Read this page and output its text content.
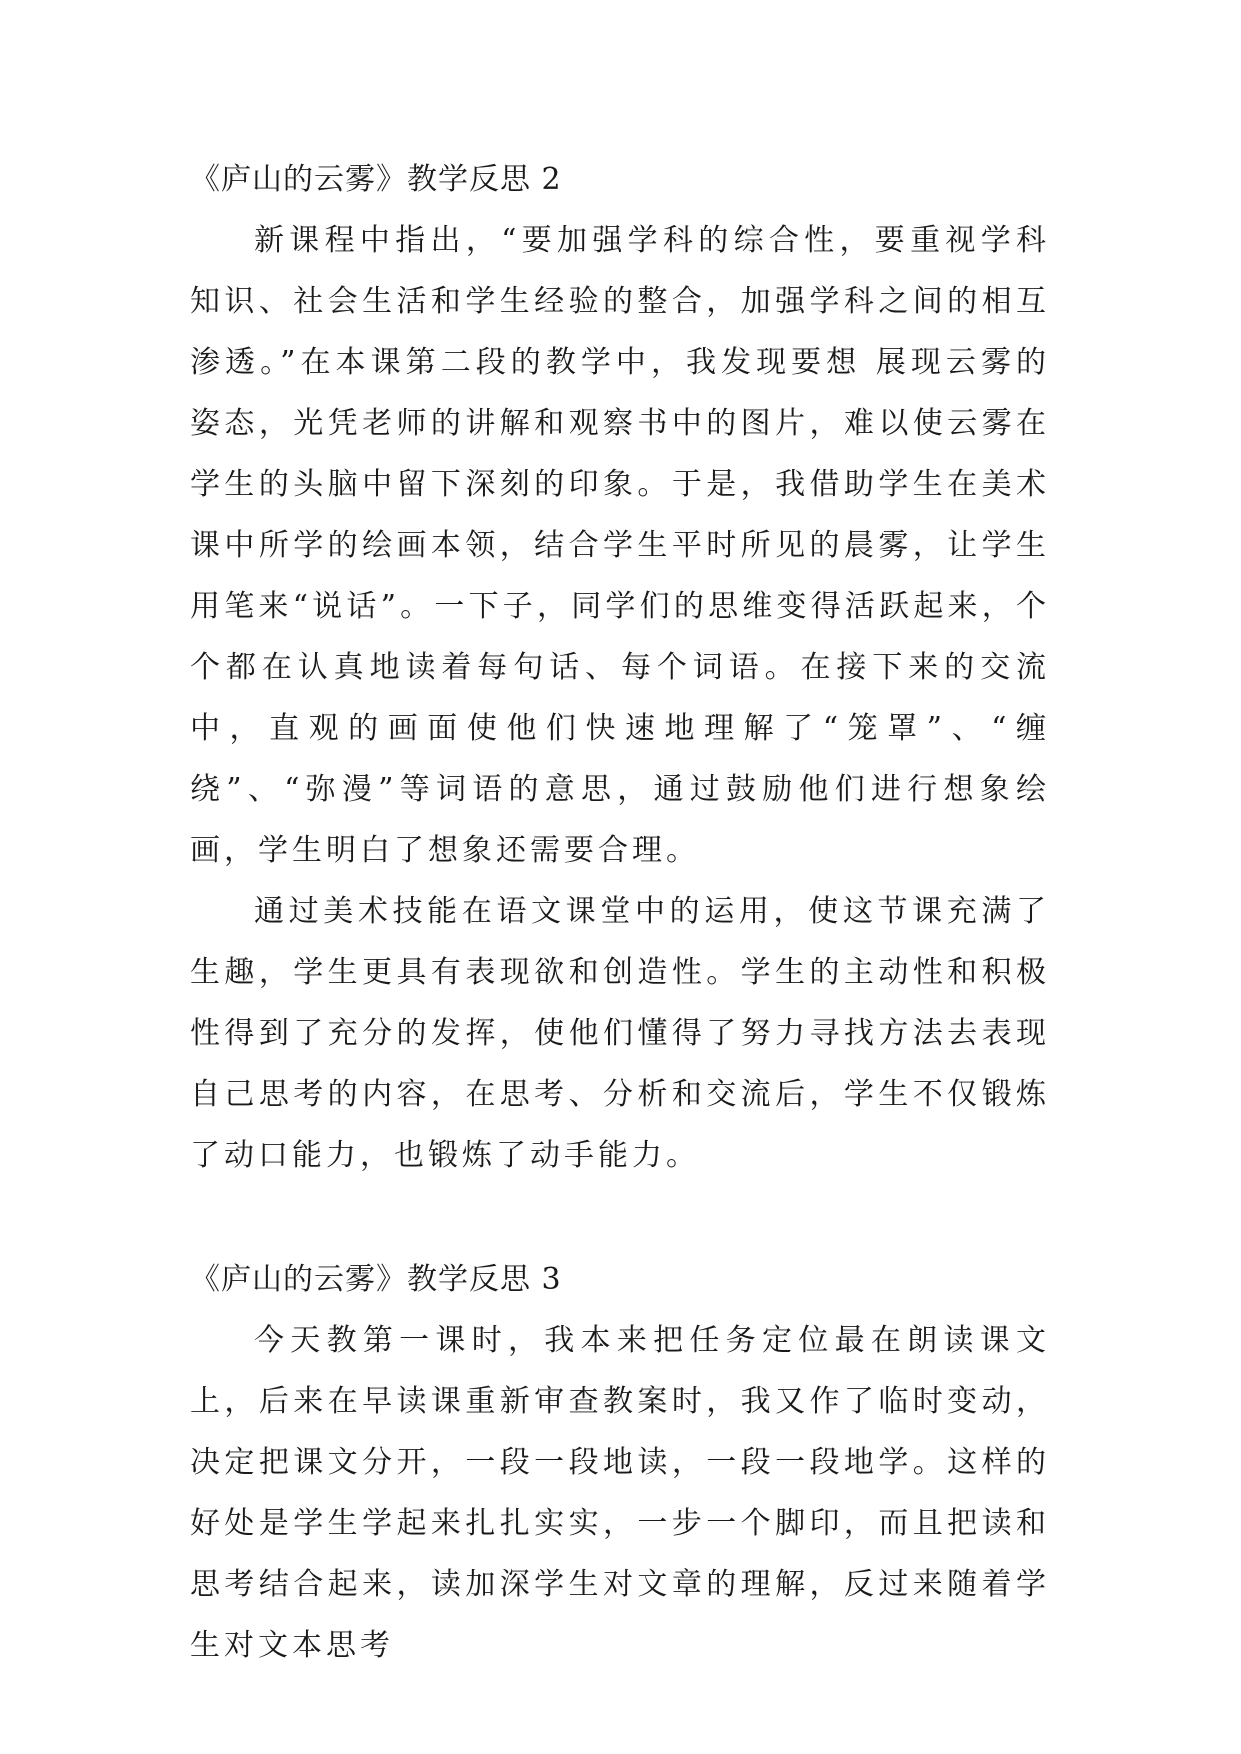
《庐山的云雾》教学反思 2

新课程中指出，“要加强学科的综合性，要重视学科知识、社会生活和学生经验的整合，加强学科之间的相互渗透。”在本课第二段的教学中，我发现要想 展现云雾的姿态，光凭老师的讲解和观察书中的图片，难以使云雾在学生的头脑中留下深刻的印象。于是，我借助学生在美术课中所学的绘画本领，结合学生平时所见的晨雾，让学生用笔来“说话”。一下子，同学们的思维变得活跃起来，个个都在认真地读着每句话、每个词语。在接下来的交流中，直观的画面使他们快速地理解了“笼罩”、“缠绕”、“弥漫”等词语的意思，通过鼓励他们进行想象绘画，学生明白了想象还需要合理。

通过美术技能在语文课堂中的运用，使这节课充满了生趣，学生更具有表现欲和创造性。学生的主动性和积极性得到了充分的发挥，使他们懂得了努力寻找方法去表现自己思考的内容，在思考、分析和交流后，学生不仅锻炼了动口能力，也锻炼了动手能力。

《庐山的云雾》教学反思 3

今天教第一课时，我本来把任务定位最在朗读课文上，后来在早读课重新审查教案时，我又作了临时变动，决定把课文分开，一段一段地读，一段一段地学。这样的好处是学生学起来扎扎实实，一步一个脚印，而且把读和思考结合起来，读加深学生对文章的理解，反过来随着学生对文本思考
